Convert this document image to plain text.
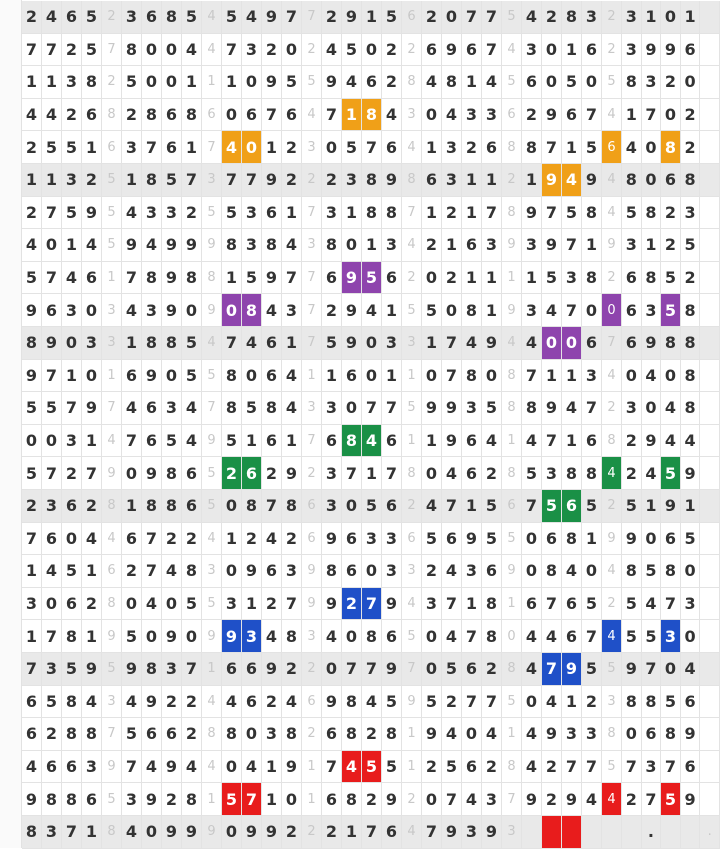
2 4 6 5 2 3 6 8 5 4 5 4 9 7 7 2 9 1 5 6 2 0 7 7 5 4 2 8 3 2 3 1 0 1
7 7 2 5 7 8 0 0 4 4 7 3 2 0 2 4 5 0 2 2 6 9 6 7 4 3 0 1 6 2 3 9 9 6
1 1 3 8 2 5 0 0 1 1 1 0 9 5 5 9 4 6 2 8 4 8 1 4 5 6 0 5 0 5 8 3 2 0
4 4 2 6 8 2 8 6 8 6 0 6 7 6 4 7 1 8 4 3 0 4 3 3 6 2 9 6 7 4 1 7 0 2
2 5 5 1 6 3 7 6 1 7 4 0 1 2 3 0 5 7 6 4 1 3 2 6 8 8 7 1 5 6 4 0 8 2
1 1 3 2 5 1 8 5 7 3 7 7 9 2 2 2 3 8 9 8 6 3 1 1 2 1 9 4 9 4 8 0 6 8
2 7 5 9 5 4 3 3 2 5 5 3 6 1 7 3 1 8 8 7 1 2 1 7 8 9 7 5 8 4 5 8 2 3
4 0 1 4 5 9 4 9 9 9 8 3 8 4 3 8 0 1 3 4 2 1 6 3 9 3 9 7 1 9 3 1 2 5
5 7 4 6 1 7 8 9 8 8 1 5 9 7 7 6 9 5 6 2 0 2 1 1 1 1 5 3 8 2 6 8 5 2
9 6 3 0 3 4 3 9 0 9 0 8 4 3 7 2 9 4 1 5 5 0 8 1 9 3 4 7 0 0 6 3 5 8
8 9 0 3 3 1 8 8 5 4 7 4 6 1 7 5 9 0 3 3 1 7 4 9 4 4 0 0 6 7 6 9 8 8
9 7 1 0 1 6 9 0 5 5 8 0 6 4 1 1 6 0 1 1 0 7 8 0 8 7 1 1 3 4 0 4 0 8
5 5 7 9 7 4 6 3 4 7 8 5 8 4 3 3 0 7 7 5 9 9 3 5 8 8 9 4 7 2 3 0 4 8
0 0 3 1 4 7 6 5 4 9 5 1 6 1 7 6 8 4 6 1 1 9 6 4 1 4 7 1 6 8 2 9 4 4
5 7 2 7 9 0 9 8 6 5 2 6 2 9 2 3 7 1 7 8 0 4 6 2 8 5 3 8 8 4 2 4 5 9
2 3 6 2 8 1 8 8 6 5 0 8 7 8 6 3 0 5 6 2 4 7 1 5 6 7 5 6 5 2 5 1 9 1
7 6 0 4 4 6 7 2 2 4 1 2 4 2 6 9 6 3 3 6 5 6 9 5 5 0 6 8 1 9 9 0 6 5
1 4 5 1 6 2 7 4 8 3 0 9 6 3 9 8 6 0 3 3 2 4 3 6 9 0 8 4 0 4 8 5 8 0
3 0 6 2 8 0 4 0 5 5 3 1 2 7 9 9 2 7 9 4 3 7 1 8 1 6 7 6 5 2 5 4 7 3
1 7 8 1 9 5 0 9 0 9 9 3 4 8 3 4 0 8 6 5 0 4 7 8 0 4 4 6 7 4 5 5 3 0
7 3 5 9 5 9 8 3 7 1 6 6 9 2 2 0 7 7 9 7 0 5 6 2 8 4 7 9 5 5 9 7 0 4
6 5 8 4 3 4 9 2 2 4 4 6 2 4 6 9 8 4 5 9 5 2 7 7 5 0 4 1 2 3 8 8 5 6
6 2 8 8 7 5 6 6 2 8 8 0 3 8 2 6 8 2 8 1 9 4 0 4 1 4 9 3 3 8 0 6 8 9
4 6 6 3 9 7 4 9 4 4 0 4 1 9 1 7 4 5 5 1 2 5 6 2 8 4 2 7 7 5 7 3 7 6
9 8 8 6 5 3 9 2 8 1 5 7 1 0 1 6 8 2 9 2 0 7 4 3 7 9 2 9 4 4 2 7 5 9
8 3 7 1 8 4 0 9 9 9 0 9 9 2 2 2 1 7 6 4 7 9 3 9 3	.	.
